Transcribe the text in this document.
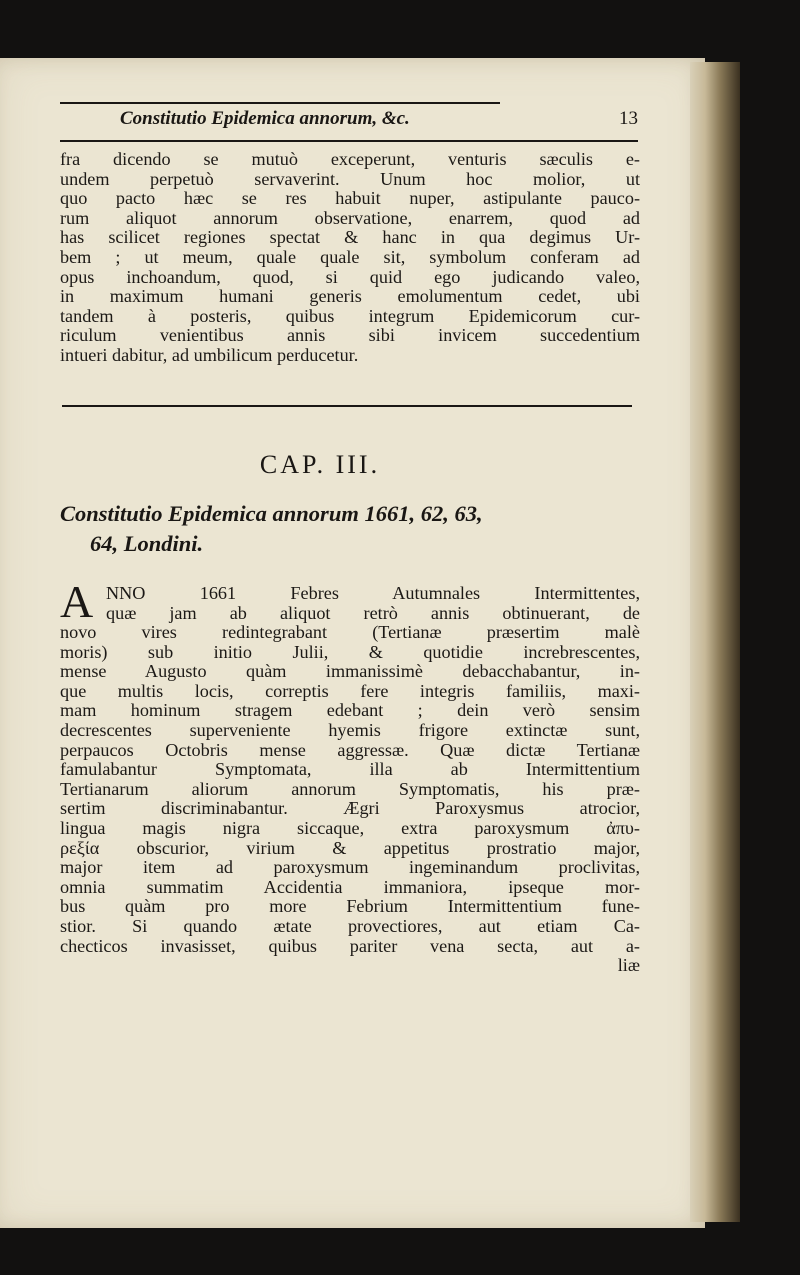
Constitutio Epidemica annorum, &c.	13
fra dicendo se mutuò exceperunt, venturis sæculis e-
undem perpetuò servaverint. Unum hoc molior, ut
quo pacto hæc se res habuit nuper, astipulante pauco-
rum aliquot annorum observatione, enarrem, quod ad
has scilicet regiones spectat & hanc in qua degimus Ur-
bem ; ut meum, quale quale sit, symbolum conferam ad
opus inchoandum, quod, si quid ego judicando valeo,
in maximum humani generis emolumentum cedet, ubi
tandem à posteris, quibus integrum Epidemicorum cur-
riculum venientibus annis sibi invicem succedentium
intueri dabitur, ad umbilicum perducetur.
CAP. III.
Constitutio Epidemica annorum 1661, 62, 63,
64, Londini.
A NNO 1661 Febres Autumnales Intermittentes,
quæ jam ab aliquot retrò annis obtinuerant, de
novo vires redintegrabant (Tertianæ præsertim malè
moris) sub initio Julii, & quotidie increbrescentes,
mense Augusto quàm immanissimè debacchabantur, in-
que multis locis, correptis fere integris familiis, maxi-
mam hominum stragem edebant ; dein verò sensim
decrescentes superveniente hyemis frigore extinctæ sunt,
perpaucos Octobris mense aggressæ. Quæ dictæ Tertianæ
famulabantur Symptomata, illa ab Intermittentium
Tertianarum aliorum annorum Symptomatis, his præ-
sertim discriminabantur. Ægri Paroxysmus atrocior,
lingua magis nigra siccaque, extra paroxysmum ἀπυ-
ρεξία obscurior, virium & appetitus prostratio major,
major item ad paroxysmum ingeminandum proclivitas,
omnia summatim Accidentia immaniora, ipseque mor-
bus quàm pro more Febrium Intermittentium fune-
stior. Si quando ætate provectiores, aut etiam Ca-
checticos invasisset, quibus pariter vena secta, aut a-
liæ
